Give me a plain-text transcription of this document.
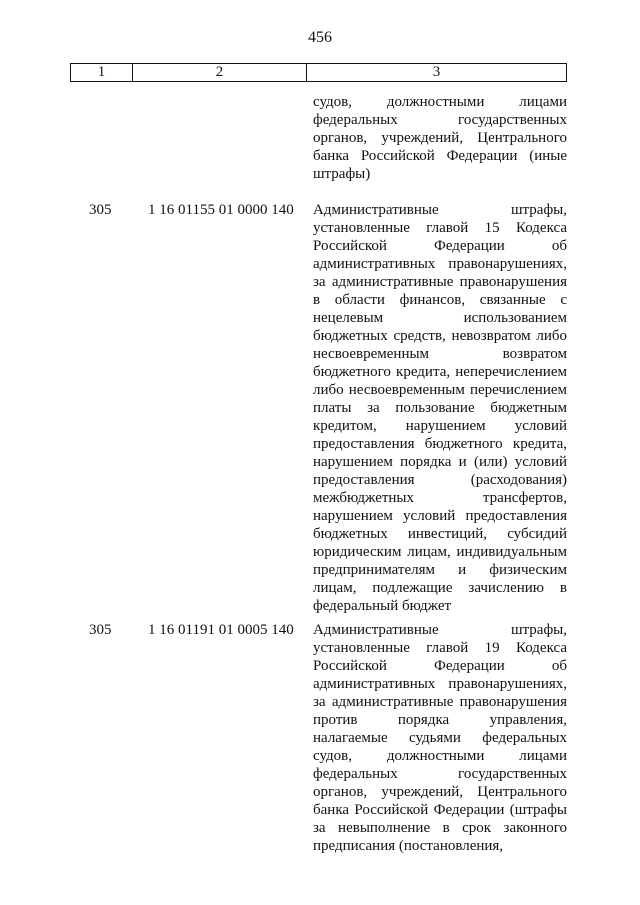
456
1	2	3
судов, должностными лицами
федеральных государственных
органов, учреждений, Центрального
банка Российской Федерации (иные
штрафы)
305 1 16 01155 01 0000 140 Административные штрафы,
установленные главой 15 Кодекса
Российской Федерации об
административных правонарушениях,
за административные правонарушения
в области финансов, связанные с
нецелевым использованием
бюджетных средств, невозвратом либо
несвоевременным возвратом
бюджетного кредита, неперечислением
либо несвоевременным перечислением
платы за пользование бюджетным
кредитом, нарушением условий
предоставления бюджетного кредита,
нарушением порядка и (или) условий
предоставления (расходования)
межбюджетных трансфертов,
нарушением условий предоставления
бюджетных инвестиций, субсидий
юридическим лицам, индивидуальным
предпринимателям и физическим
лицам, подлежащие зачислению в
федеральный бюджет
305 1 16 01191 01 0005 140 Административные штрафы,
установленные главой 19 Кодекса
Российской Федерации об
административных правонарушениях,
за административные правонарушения
против порядка управления,
налагаемые судьями федеральных
судов, должностными лицами
федеральных государственных
органов, учреждений, Центрального
банка Российской Федерации (штрафы
за невыполнение в срок законного
предписания (постановления,
